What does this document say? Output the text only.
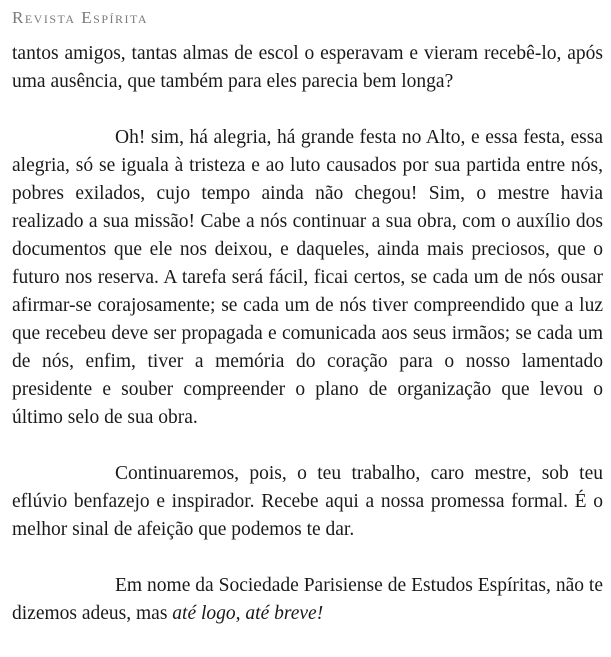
Revista Espírita

tantos amigos, tantas almas de escol o esperavam e vieram recebê-lo, após uma ausência, que também para eles parecia bem longa?

Oh! sim, há alegria, há grande festa no Alto, e essa festa, essa alegria, só se iguala à tristeza e ao luto causados por sua partida entre nós, pobres exilados, cujo tempo ainda não chegou! Sim, o mestre havia realizado a sua missão! Cabe a nós continuar a sua obra, com o auxílio dos documentos que ele nos deixou, e daqueles, ainda mais preciosos, que o futuro nos reserva. A tarefa será fácil, ficai certos, se cada um de nós ousar afirmar-se corajosamente; se cada um de nós tiver compreendido que a luz que recebeu deve ser propagada e comunicada aos seus irmãos; se cada um de nós, enfim, tiver a memória do coração para o nosso lamentado presidente e souber compreender o plano de organização que levou o último selo de sua obra.

Continuaremos, pois, o teu trabalho, caro mestre, sob teu eflúvio benfazejo e inspirador. Recebe aqui a nossa promessa formal. É o melhor sinal de afeição que podemos te dar.

Em nome da Sociedade Parisiense de Estudos Espíritas, não te dizemos adeus, mas até logo, até breve!
